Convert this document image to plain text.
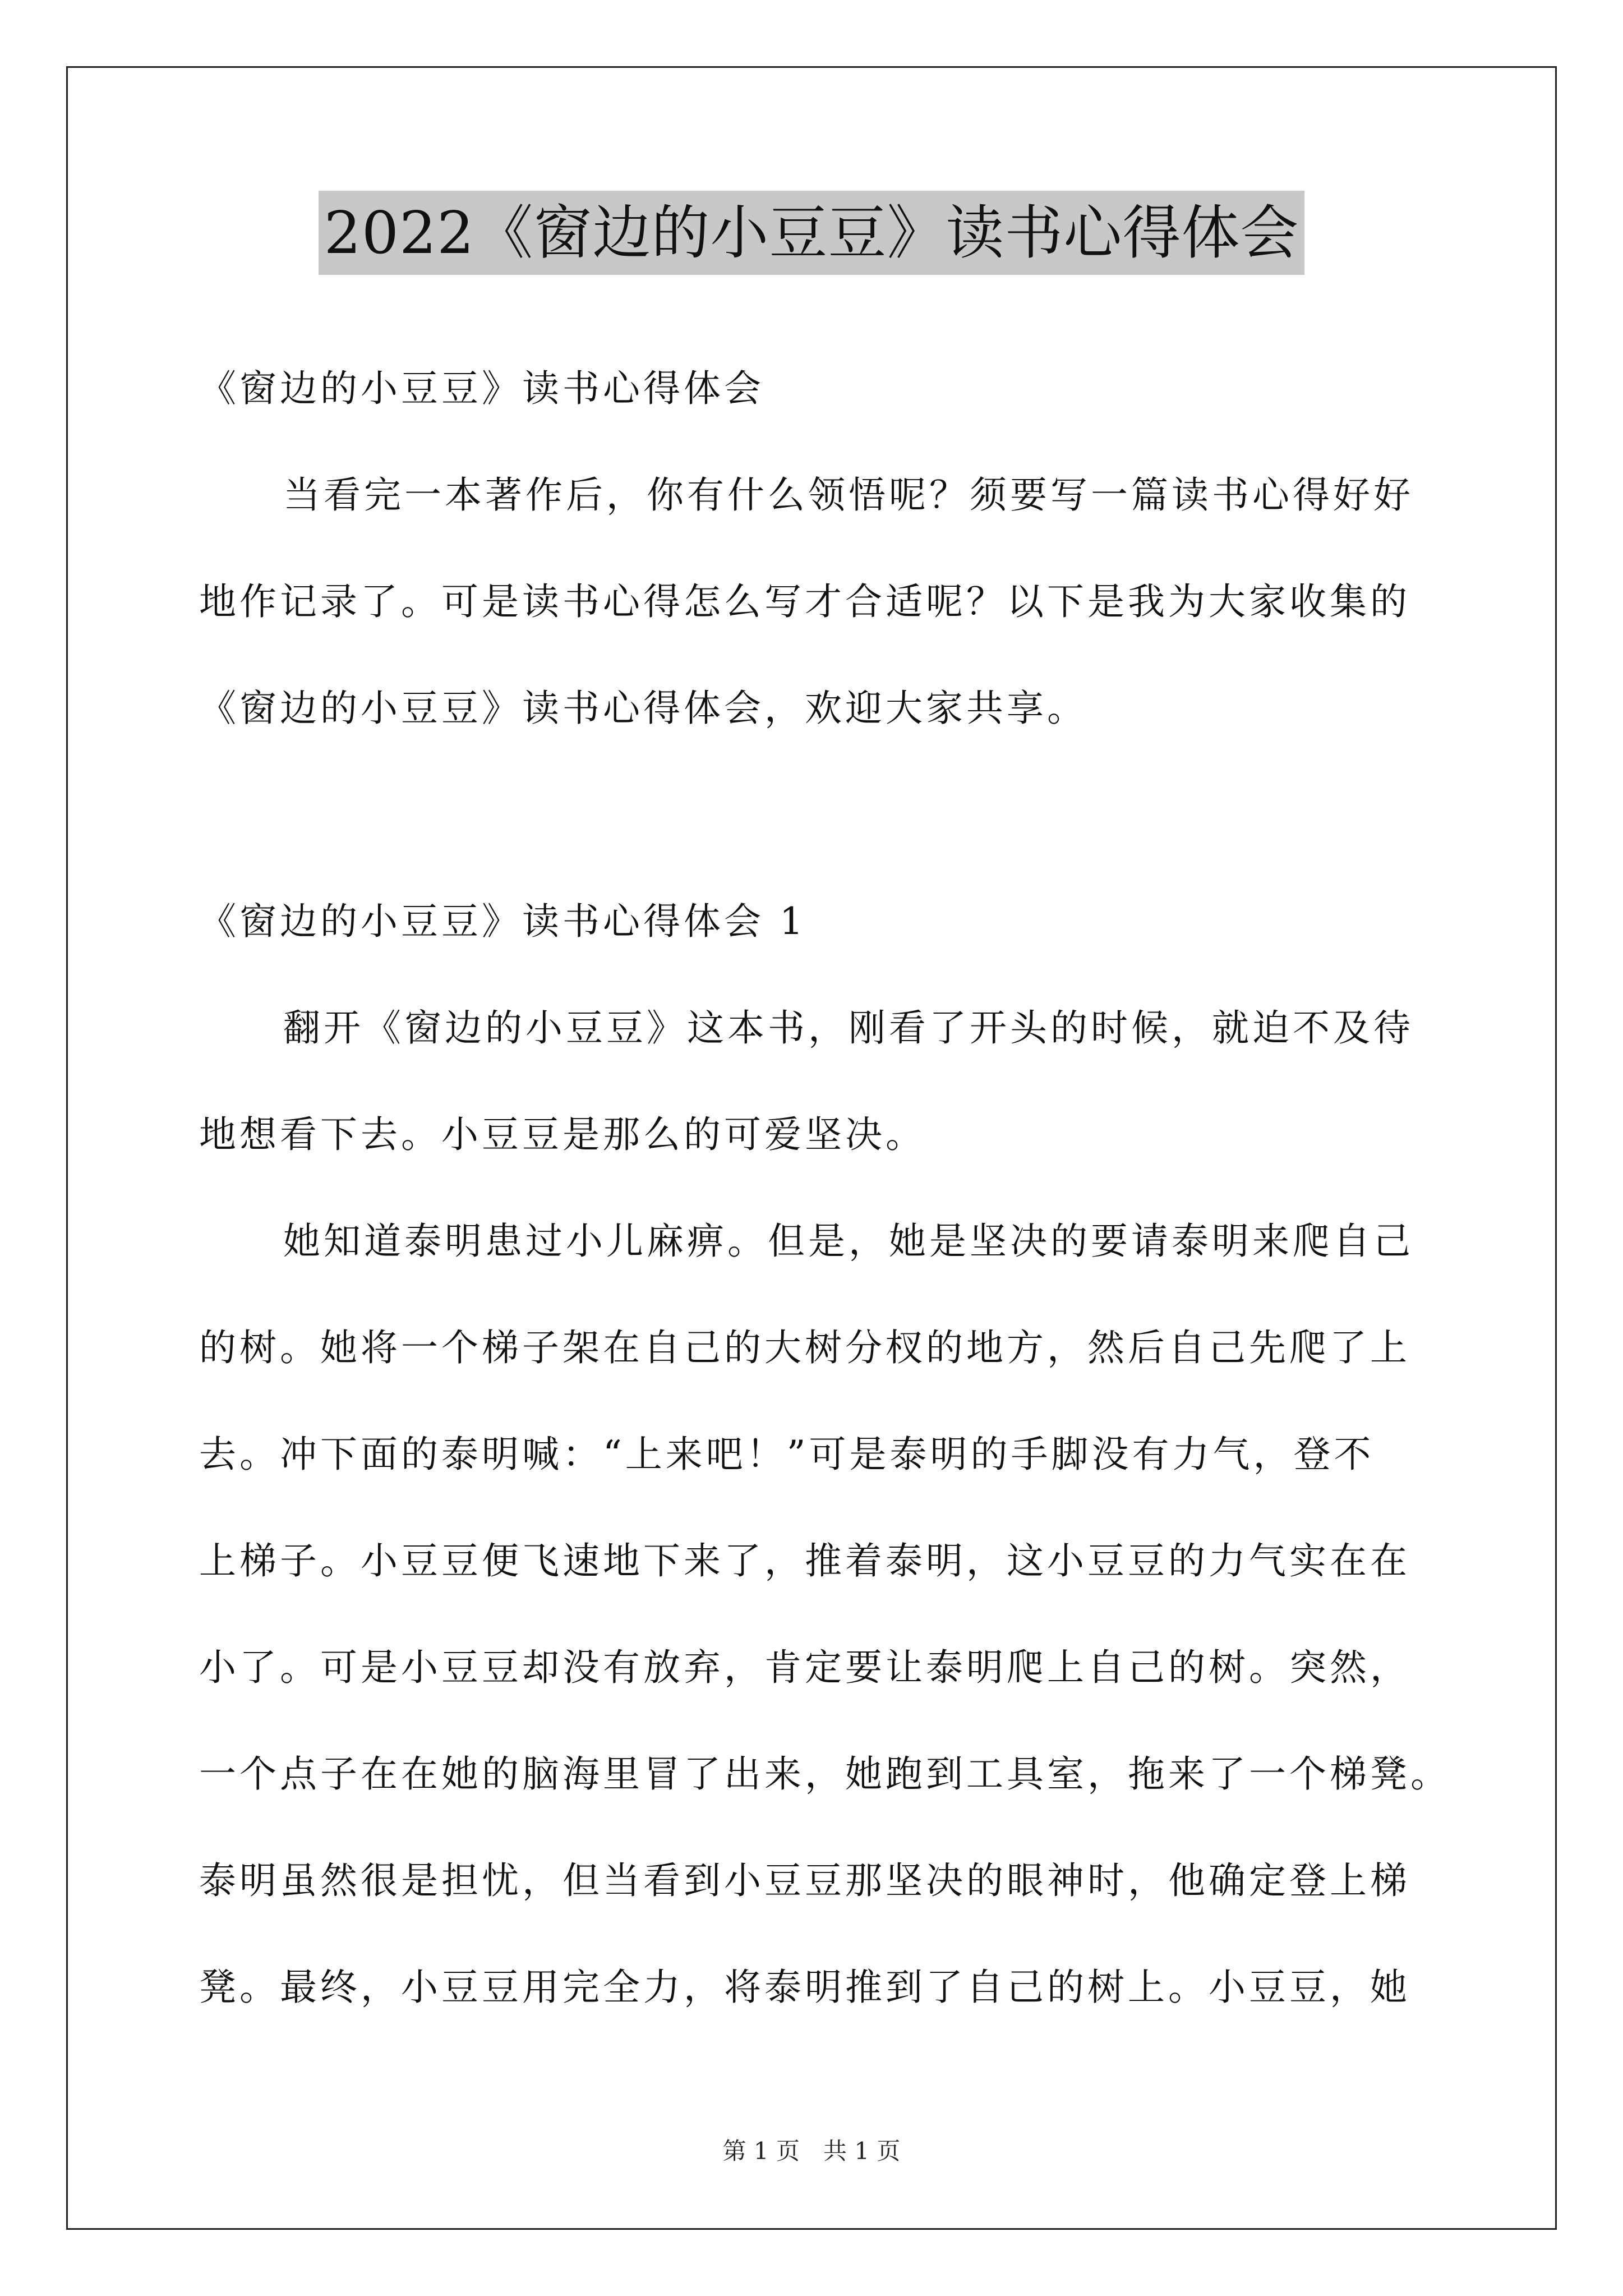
2022《窗边的小豆豆》读书心得体会
《窗边的小豆豆》读书心得体会
当看完一本著作后，你有什么领悟呢？须要写一篇读书心得好好
地作记录了。可是读书心得怎么写才合适呢？以下是我为大家收集的
《窗边的小豆豆》读书心得体会，欢迎大家共享。
《窗边的小豆豆》读书心得体会 1
翻开《窗边的小豆豆》这本书，刚看了开头的时候，就迫不及待
地想看下去。小豆豆是那么的可爱坚决。
她知道泰明患过小儿麻痹。但是，她是坚决的要请泰明来爬自己
的树。她将一个梯子架在自己的大树分杈的地方，然后自己先爬了上
去。冲下面的泰明喊：“上来吧！”可是泰明的手脚没有力气，登不
上梯子。小豆豆便飞速地下来了，推着泰明，这小豆豆的力气实在在
小了。可是小豆豆却没有放弃，肯定要让泰明爬上自己的树。突然，
一个点子在在她的脑海里冒了出来，她跑到工具室，拖来了一个梯凳。
泰明虽然很是担忧，但当看到小豆豆那坚决的眼神时，他确定登上梯
凳。最终，小豆豆用完全力，将泰明推到了自己的树上。小豆豆，她
第 1 页　共 1 页
